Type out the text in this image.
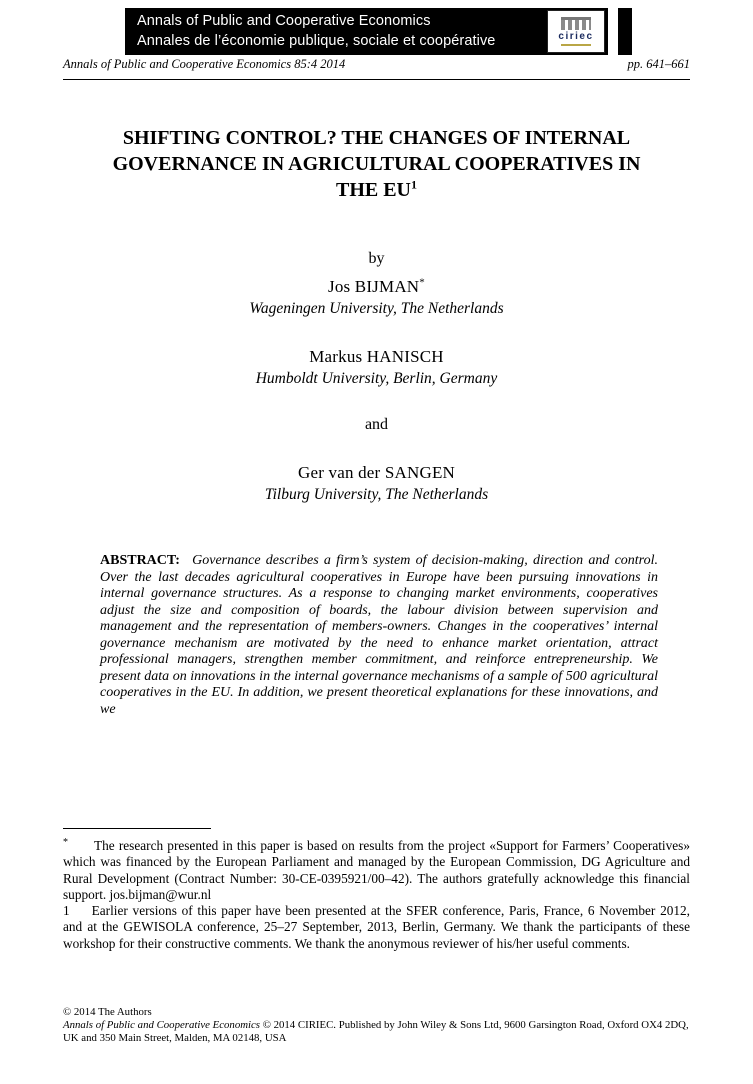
Annals of Public and Cooperative Economics
Annales de l’économie publique, sociale et coopérative	ciriec
Annals of Public and Cooperative Economics 85:4 2014	pp. 641–661
SHIFTING CONTROL? THE CHANGES OF INTERNAL
GOVERNANCE IN AGRICULTURAL COOPERATIVES IN
THE $EU^1$
by
Jos BIJMAN*
Wageningen University, The Netherlands
Markus HANISCH
Humboldt University, Berlin, Germany
and
Ger van der SANGEN
Tilburg University, The Netherlands
ABSTRACT:   Governance describes a firm’s system of decision-making, direction and control. Over the last decades agricultural cooperatives in Europe have been pursuing innovations in internal governance structures. As a response to changing market environments, cooperatives adjust the size and composition of boards, the labour division between supervision and management and the representation of members-owners. Changes in the cooperatives’ internal governance mechanism are motivated by the need to enhance market orientation, attract professional managers, strengthen member commitment, and reinforce entrepreneurship. We present data on innovations in the internal governance mechanisms of a sample of 500 agricultural cooperatives in the EU. In addition, we present theoretical explanations for these innovations, and we

* The research presented in this paper is based on results from the project «Support for Farmers’ Cooperatives» which was financed by the European Parliament and managed by the European Commission, DG Agriculture and Rural Development (Contract Number: 30-CE-0395921/00–42). The authors gratefully acknowledge this financial support. jos.bijman@wur.nl

1 Earlier versions of this paper have been presented at the SFER conference, Paris, France, 6 November 2012, and at the GEWISOLA conference, 25–27 September, 2013, Berlin, Germany. We thank the participants of these workshop for their constructive comments. We thank the anonymous reviewer of his/her useful comments.

© 2014 The Authors
Annals of Public and Cooperative Economics © 2014 CIRIEC. Published by John Wiley & Sons Ltd, 9600 Garsington Road, Oxford OX4 2DQ, UK and 350 Main Street, Malden, MA 02148, USA
